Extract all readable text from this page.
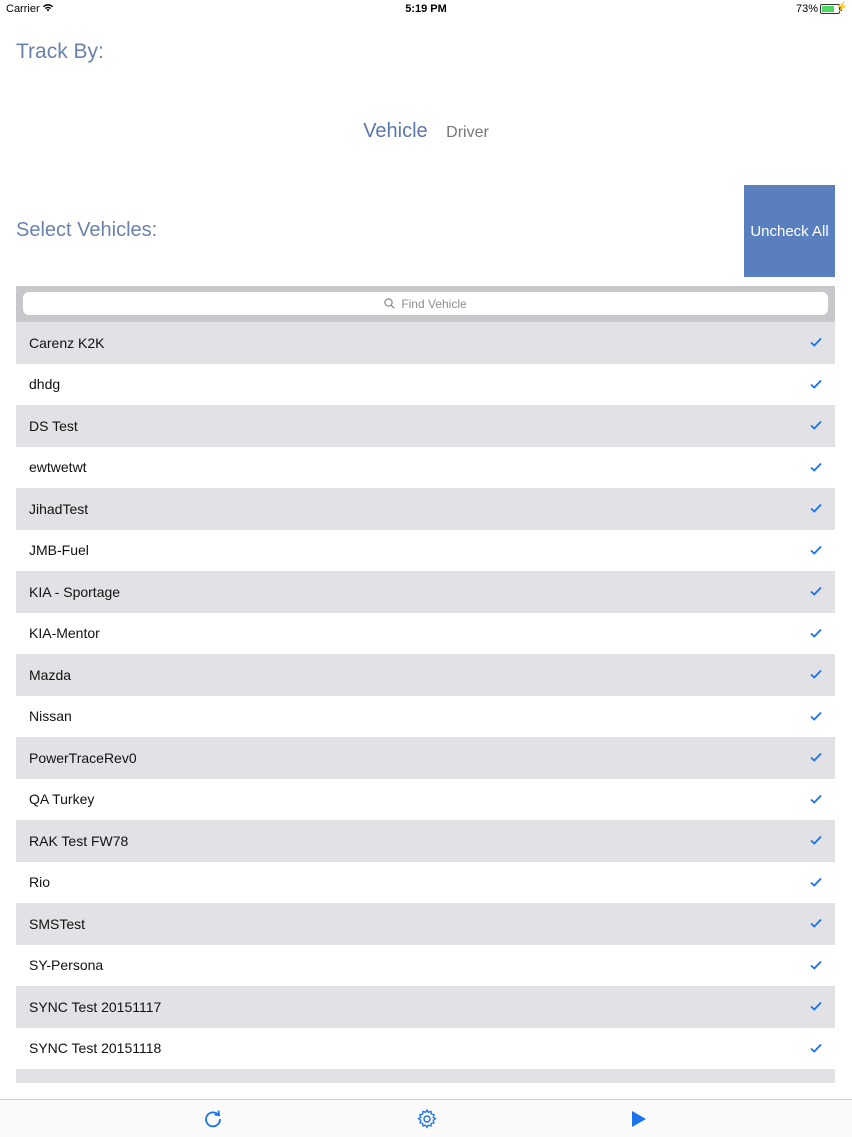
Carrier	5:19 PM	73% ⚡
Track By:
Vehicle Driver
Select Vehicles:	Uncheck All
Find Vehicle
Carenz K2K
dhdg
DS Test
ewtwetwt
JihadTest
JMB-Fuel
KIA - Sportage
KIA-Mentor
Mazda
Nissan
PowerTraceRev0
QA Turkey
RAK Test FW78
Rio
SMSTest
SY-Persona
SYNC Test 20151117
SYNC Test 20151118
